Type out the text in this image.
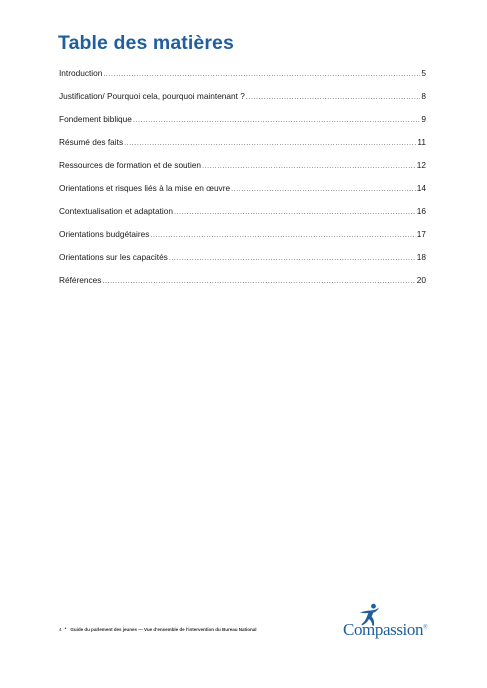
Table des matières
Introduction .....	5
Justification/ Pourquoi cela, pourquoi maintenant ? .....	8
Fondement biblique .....	9
Résumé des faits .....	11
Ressources de formation et de soutien .....	12
Orientations et risques liés à la mise en œuvre .....	14
Contextualisation et adaptation .....	16
Orientations budgétaires .....	17
Orientations sur les capacités .....	18
Références .....	20
4 • Guide du parlement des jeunes — Vue d’ensemble de l’intervention du Bureau National	Compassion®
